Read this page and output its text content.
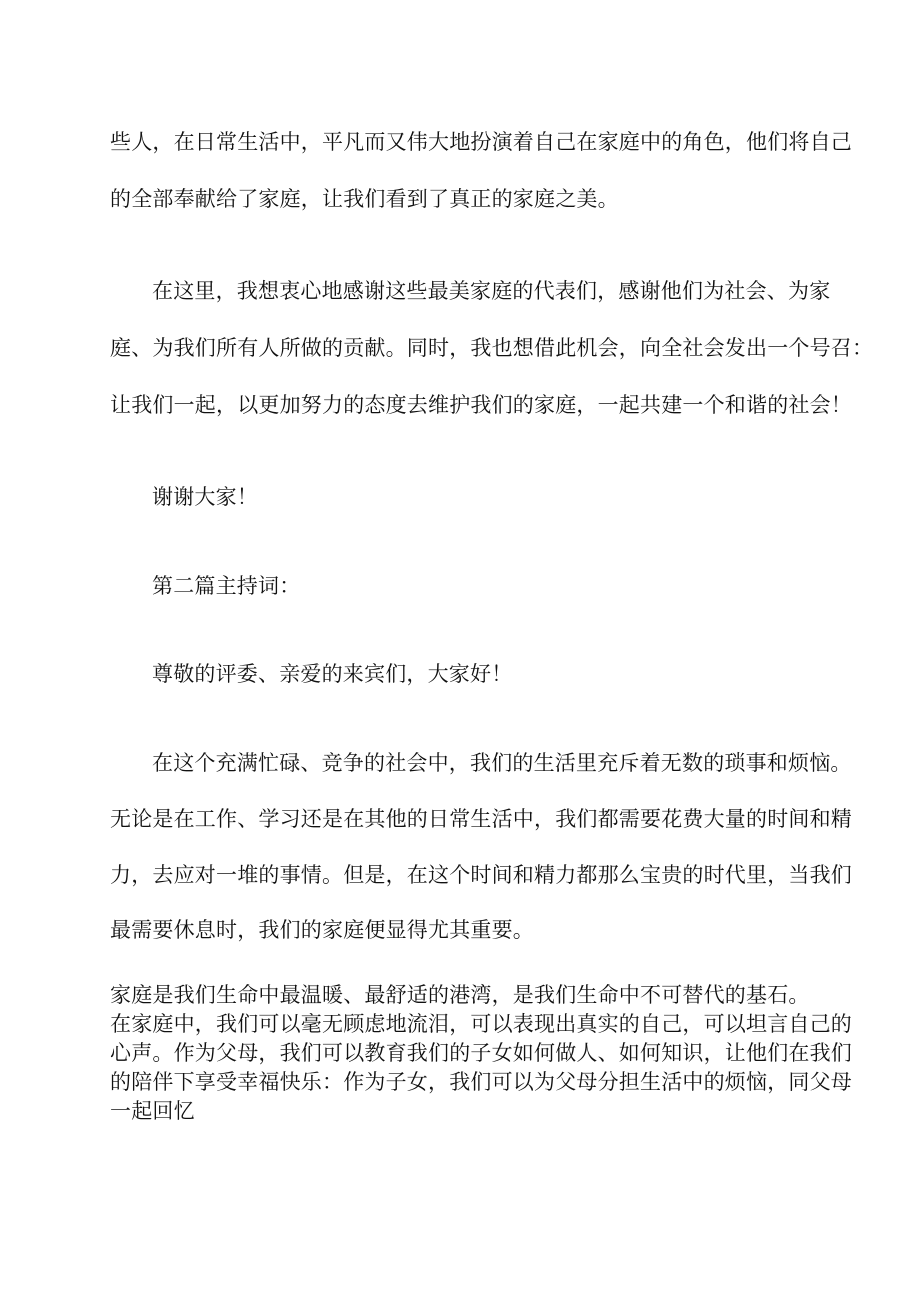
些人，在日常生活中，平凡而又伟大地扮演着自己在家庭中的角色，他们将自己
的全部奉献给了家庭，让我们看到了真正的家庭之美。
在这里，我想衷心地感谢这些最美家庭的代表们，感谢他们为社会、为家
庭、为我们所有人所做的贡献。同时，我也想借此机会，向全社会发出一个号召：
让我们一起，以更加努力的态度去维护我们的家庭，一起共建一个和谐的社会！
谢谢大家！
第二篇主持词：
尊敬的评委、亲爱的来宾们，大家好！
在这个充满忙碌、竞争的社会中，我们的生活里充斥着无数的琐事和烦恼。
无论是在工作、学习还是在其他的日常生活中，我们都需要花费大量的时间和精
力，去应对一堆的事情。但是，在这个时间和精力都那么宝贵的时代里，当我们
最需要休息时，我们的家庭便显得尤其重要。
家庭是我们生命中最温暖、最舒适的港湾，是我们生命中不可替代的基石。
在家庭中，我们可以毫无顾虑地流泪，可以表现出真实的自己，可以坦言自己的
心声。作为父母，我们可以教育我们的子女如何做人、如何知识，让他们在我们
的陪伴下享受幸福快乐：作为子女，我们可以为父母分担生活中的烦恼，同父母
一起回忆
